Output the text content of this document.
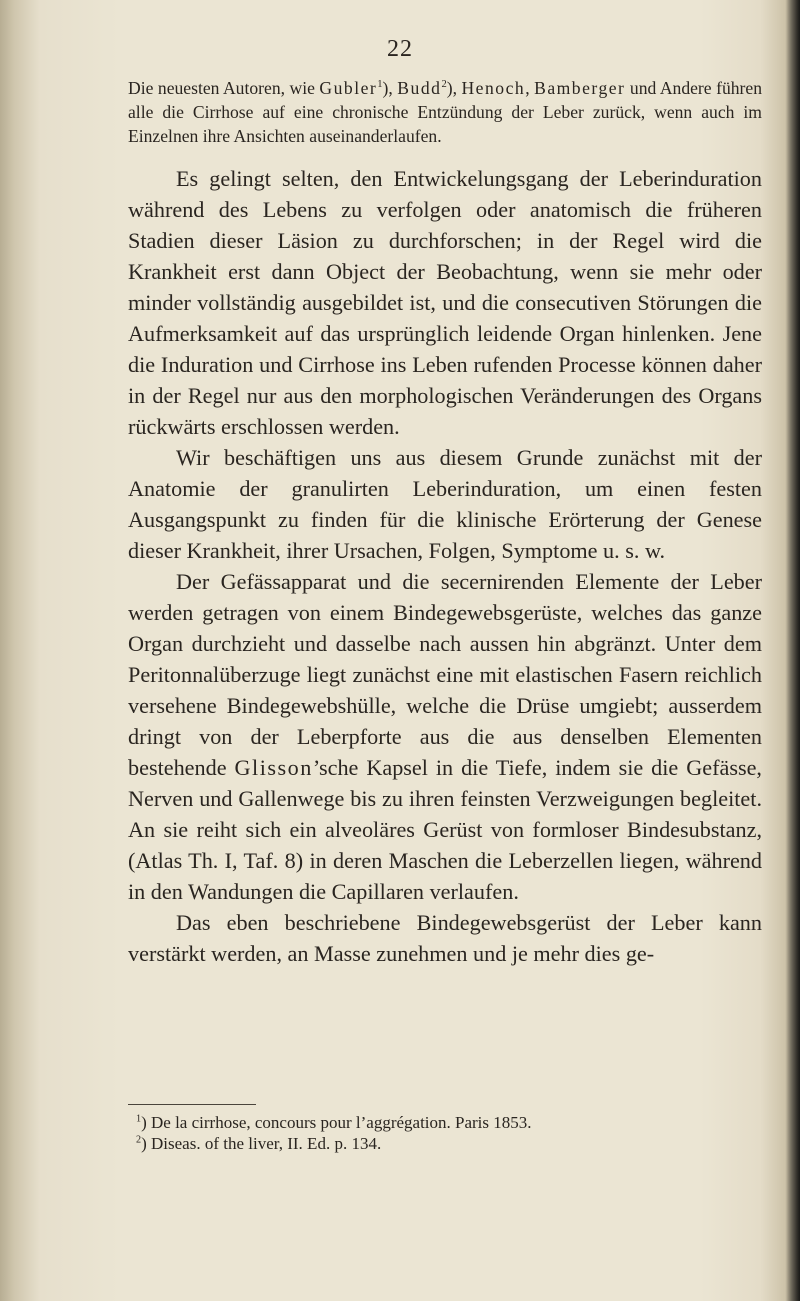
22

Die neuesten Autoren, wie Gubler$^1$), Budd$^2$), Henoch, Bamberger und Andere führen alle die Cirrhose auf eine chronische Entzündung der Leber zurück, wenn auch im Einzelnen ihre Ansichten auseinanderlaufen.

Es gelingt selten, den Entwickelungsgang der Leberinduration während des Lebens zu verfolgen oder anatomisch die früheren Stadien dieser Läsion zu durchforschen; in der Regel wird die Krankheit erst dann Object der Beobachtung, wenn sie mehr oder minder vollständig ausgebildet ist, und die consecutiven Störungen die Aufmerksamkeit auf das ursprünglich leidende Organ hinlenken. Jene die Induration und Cirrhose ins Leben rufenden Processe können daher in der Regel nur aus den morphologischen Veränderungen des Organs rückwärts erschlossen werden.

Wir beschäftigen uns aus diesem Grunde zunächst mit der Anatomie der granulirten Leberinduration, um einen festen Ausgangspunkt zu finden für die klinische Erörterung der Genese dieser Krankheit, ihrer Ursachen, Folgen, Symptome u. s. w.

Der Gefässapparat und die secernirenden Elemente der Leber werden getragen von einem Bindegewebsgerüste, welches das ganze Organ durchzieht und dasselbe nach aussen hin abgränzt. Unter dem Peritonnalüberzuge liegt zunächst eine mit elastischen Fasern reichlich versehene Bindegewebshülle, welche die Drüse umgiebt; ausserdem dringt von der Leberpforte aus die aus denselben Elementen bestehende Glisson’sche Kapsel in die Tiefe, indem sie die Gefässe, Nerven und Gallenwege bis zu ihren feinsten Verzweigungen begleitet. An sie reiht sich ein alveoläres Gerüst von formloser Bindesubstanz, (Atlas Th. I, Taf. 8) in deren Maschen die Leberzellen liegen, während in den Wandungen die Capillaren verlaufen.

Das eben beschriebene Bindegewebsgerüst der Leber kann verstärkt werden, an Masse zunehmen und je mehr dies ge-

$^1$) De la cirrhose, concours pour l’aggrégation. Paris 1853.

$^2$) Diseas. of the liver, II. Ed. p. 134.
